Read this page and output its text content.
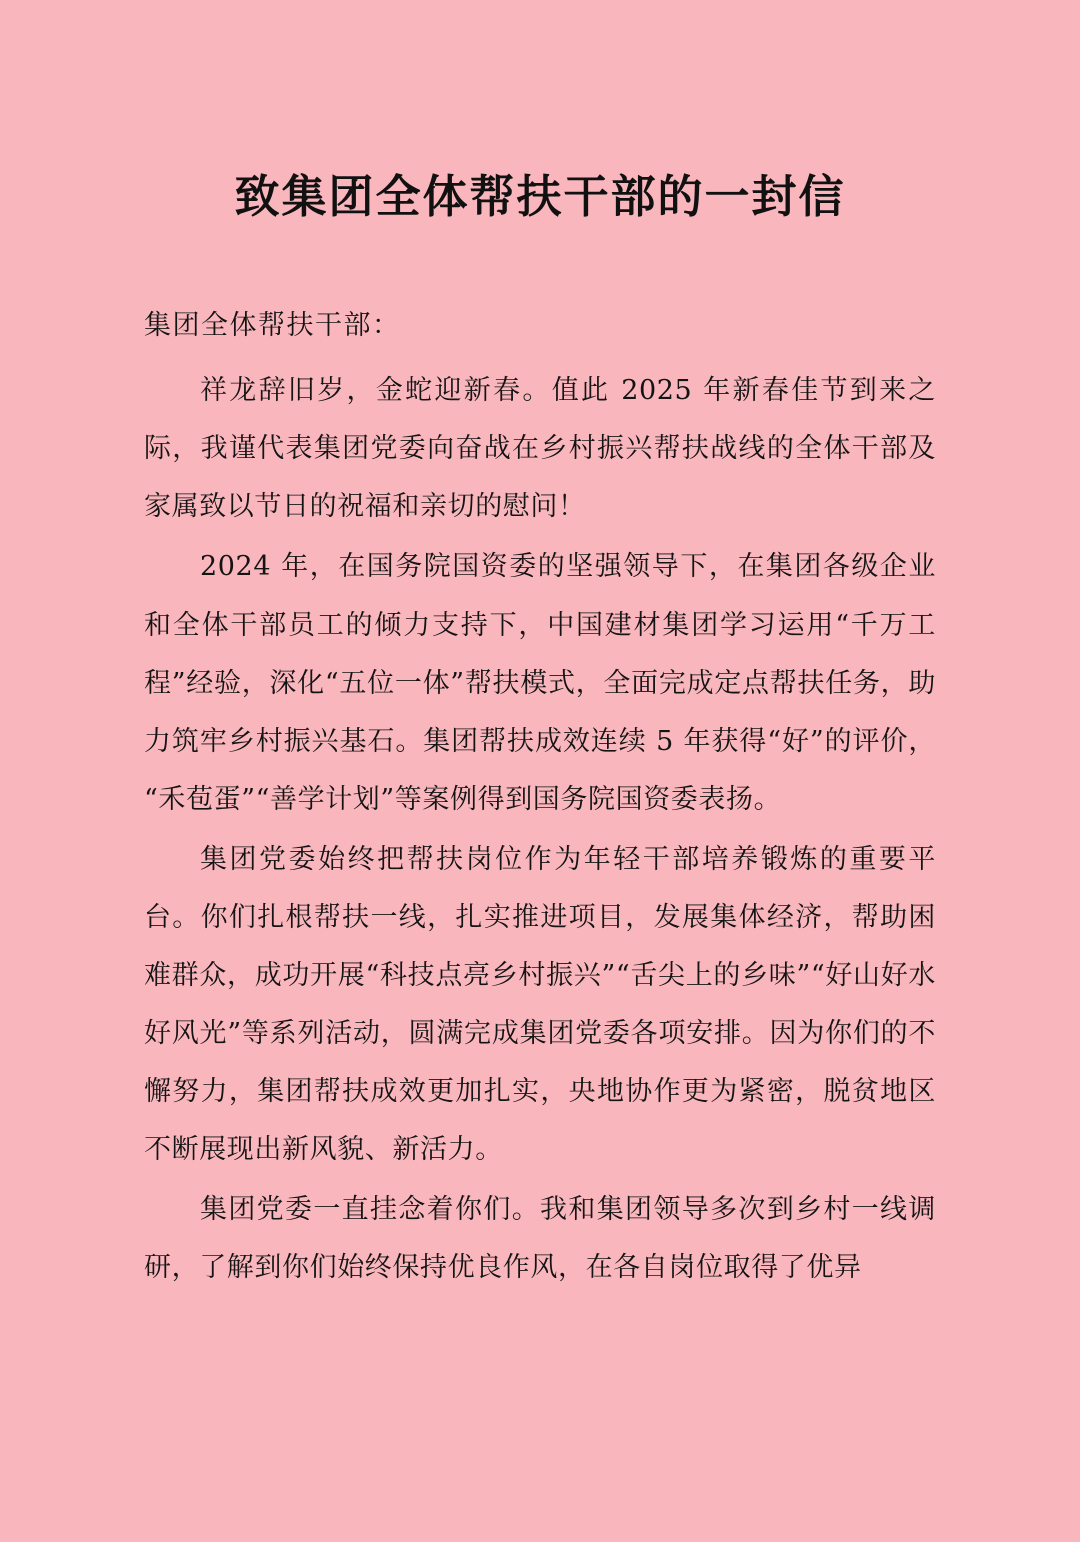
致集团全体帮扶干部的一封信

集团全体帮扶干部：

祥龙辞旧岁，金蛇迎新春。值此 2025 年新春佳节到来之际，我谨代表集团党委向奋战在乡村振兴帮扶战线的全体干部及家属致以节日的祝福和亲切的慰问！

2024 年，在国务院国资委的坚强领导下，在集团各级企业和全体干部员工的倾力支持下，中国建材集团学习运用“千万工程”经验，深化“五位一体”帮扶模式，全面完成定点帮扶任务，助力筑牢乡村振兴基石。集团帮扶成效连续 5 年获得“好”的评价，“禾苞蛋”“善学计划”等案例得到国务院国资委表扬。

集团党委始终把帮扶岗位作为年轻干部培养锻炼的重要平台。你们扎根帮扶一线，扎实推进项目，发展集体经济，帮助困难群众，成功开展“科技点亮乡村振兴”“舌尖上的乡味”“好山好水好风光”等系列活动，圆满完成集团党委各项安排。因为你们的不懈努力，集团帮扶成效更加扎实，央地协作更为紧密，脱贫地区不断展现出新风貌、新活力。

集团党委一直挂念着你们。我和集团领导多次到乡村一线调研，了解到你们始终保持优良作风，在各自岗位取得了优异
